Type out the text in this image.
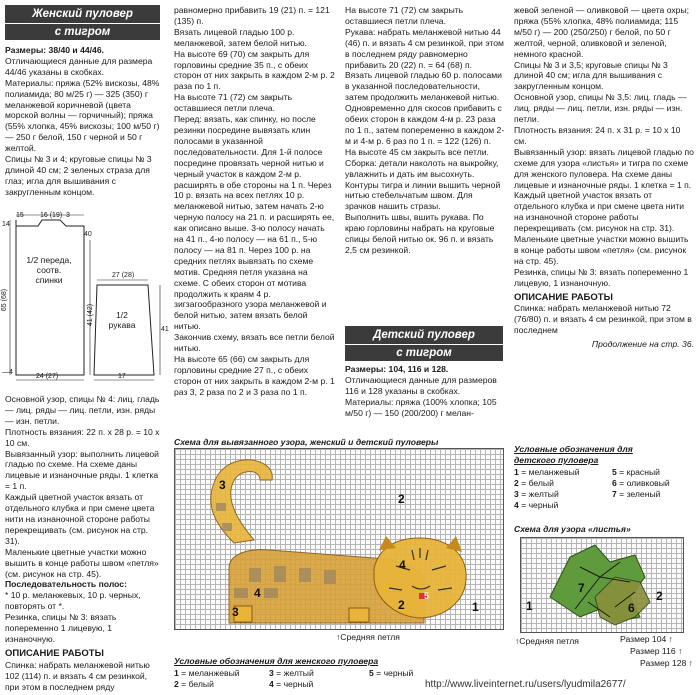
Женский пуловер
с тигром

Размеры: 38/40 и 44/46.

Отличающиеся данные для размера 44/46 указаны в скобках.

Материалы: пряжа (52% вискозы, 48% полиамида; 80 м/25 г) — 325 (350) г меланжевой коричневой (цвета морской волны — горчичный); пряжа (55% хлопка, 45% вискозы; 100 м/50 г) — 250 г белой, 150 г черной и 50 г желтой.

Спицы № 3 и 4; круговые спицы № 3 длиной 40 см; 2 зеленых страза для глаз; игла для вышивания с закругленным концом.

15 16 (19) 3
14
65 (68)
40
41 (42)
24 (27)
27 (28)
41
17
1/2 переда, соотв. спинки
1/2 рукава
—4

Основной узор, спицы № 4: лиц. гладь — лиц. ряды — лиц. петли, изн. ряды — изн. петли.

Плотность вязания: 22 п. х 28 р. = 10 х 10 см.

Вывязанный узор: выполнить лицевой гладью по схеме. На схеме даны лицевые и изнаночные ряды. 1 клетка = 1 п.

Каждый цветной участок вязать от отдельного клубка и при смене цвета нити на изнаночной стороне работы перекрещивать (см. рисунок на стр. 31).

Маленькие цветные участки можно вышить в конце работы швом «петля» (см. рисунок на стр. 45).

Последовательность полос:

* 10 р. меланжевых, 10 р. черных, повторять от *.

Резинка, спицы № 3: вязать попеременно 1 лицевую, 1 изнаночную.

ОПИСАНИЕ РАБОТЫ

Спинка: набрать меланжевой нитью 102 (114) п. и вязать 4 см резинкой, при этом в последнем ряду

равномерно прибавить 19 (21) п. = 121 (135) п.

Вязать лицевой гладью 100 р. меланжевой, затем белой нитью.

На высоте 69 (70) см закрыть для горловины средние 35 п., с обеих сторон от них закрыть в каждом 2-м р. 2 раза по 1 п.

На высоте 71 (72) см закрыть оставшиеся петли плеча.

Перед: вязать, как спинку, но после резинки посредине вывязать клин полосами в указанной последовательности. Для 1-й полосе посредине провязать черной нитью и черный участок в каждом 2-м р. расширять в обе стороны на 1 п. Через 10 р. вязать на всех петлях 10 р. меланжевой нитью, затем начать 2-ю черную полосу на 21 п. и расширять ее, как описано выше. 3-ю полосу начать на 41 п., 4-ю полосу — на 61 п., 5-ю полосу — на 81 п. Через 100 р. на средних петлях вывязать по схеме мотив. Средняя петля указана на схеме. С обеих сторон от мотива продолжить к краям 4 р. зигзагообразного узора меланжевой и белой нитью, затем вязать белой нитью.

Закончив схему, вязать все петли белой нитью.

На высоте 65 (66) см закрыть для горловины средние 27 п., с обеих сторон от них закрыть в каждом 2-м р. 1 раз 3, 2 раза по 2 и 3 раза по 1 п.

На высоте 71 (72) см закрыть оставшиеся петли плеча.

Рукава: набрать меланжевой нитью 44 (46) п. и вязать 4 см резинкой, при этом в последнем ряду равномерно прибавить 20 (22) п. = 64 (68) п.

Вязать лицевой гладью 60 р. полосами в указанной последовательности, затем продолжить меланжевой нитью.

Одновременно для скосов прибавить с обеих сторон в каждом 4-м р. 23 раза по 1 п., затем попеременно в каждом 2-м и 4-м р. 6 раз по 1 п. = 122 (126) п.

На высоте 45 см закрыть все петли.

Сборка: детали наколоть на выкройку, увлажнить и дать им высохнуть.

Контуры тигра и линии вышить черной нитью стебельчатым швом. Для зрачков нашить стразы.

Выполнить швы, вшить рукава. По краю горловины набрать на круговые спицы белой нитью ок. 96 п. и вязать 2,5 см резинкой.

Детский пуловер
с тигром

Размеры: 104, 116 и 128.

Отличающиеся данные для размеров 116 и 128 указаны в скобках.

Материалы: пряжа (100% хлопка; 105 м/50 г) — 150 (200/200) г мелан-

жевой зеленой — оливковой — цвета охры;

пряжа (55% хлопка, 48% полиамида; 115 м/50 г) — 200 (250/250) г белой, по 50 г желтой, черной, оливковой и зеленой, немного красной.

Спицы № 3 и 3,5; круговые спицы № 3 длиной 40 см; игла для вышивания с закругленным концом.

Основной узор, спицы № 3,5: лиц. гладь — лиц. ряды — лиц. петли, изн. ряды — изн. петли.

Плотность вязания: 24 п. х 31 р. = 10 х 10 см.

Вывязанный узор: вязать лицевой гладью по схеме для узора «листья» и тигра по схеме для женского пуловера. На схеме даны лицевые и изнаночные ряды. 1 клетка = 1 п.

Каждый цветной участок вязать от отдельного клубка и при смене цвета нити на изнаночной стороне работы перекрещивать (см. рисунок на стр. 31).

Маленькие цветные участки можно вышить в конце работы швом «петля» (см. рисунок на стр. 45).

Резинка, спицы № 3: вязать попеременно 1 лицевую, 1 изнаночную.

ОПИСАНИЕ РАБОТЫ

Спинка: набрать меланжевой нитью 72 (76/80) п. и вязать 4 см резинкой, при этом в последнем

Продолжение на стр. 36.

Схема для вывязанного узора, женский и детский пуловеры
2
3
3
4
4
2	1
5
↑Средняя петля
Условные обозначения для женского пуловера
1 = меланжевый
2 = белый
3 = желтый
4 = черный
5 = черный
Условные обозначения для детского пуловера
1 = меланжевый
2 = белый
3 = желтый
4 = черный
5 = красный
6 = оливковый
7 = зеленый
Схема для узора «листья»
1
7
6
2
↑Средняя петля	Размер 104 ↑
Размер 116 ↑
Размер 128 ↑
http://www.liveinternet.ru/users/lyudmila2677/
